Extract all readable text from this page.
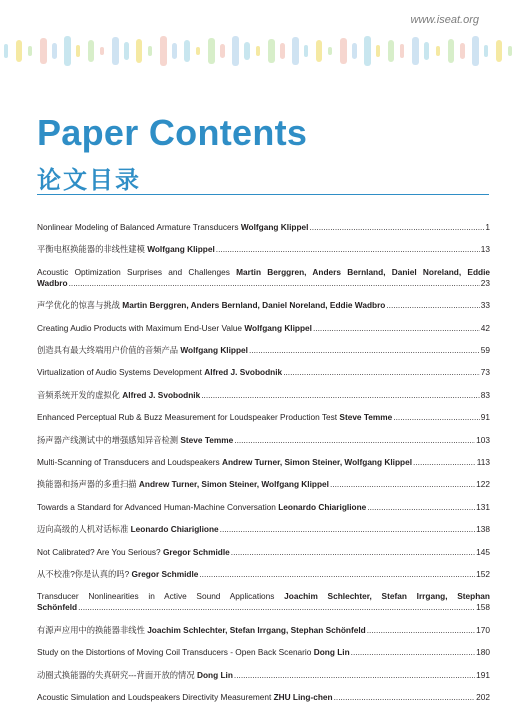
www.iseat.org
Paper Contents
论文目录
Nonlinear Modeling of Balanced Armature Transducers
Wolfgang Klippel .....	1
平衡电枢换能器的非线性建模
Wolfgang Klippel .....	13
Acoustic Optimization Surprises and Challenges Martin Berggren, Anders Bernland, Daniel Noreland, Eddie
Wadbro .....	23
声学优化的惊喜与挑战
Martin Berggren, Anders Bernland, Daniel Noreland, Eddie Wadbro .....	33
Creating Audio Products with Maximum End-User Value
Wolfgang Klippel .....	42
创造具有最大终端用户价值的音频产品
Wolfgang Klippel .....	59
Virtualization of Audio Systems Development
Alfred J. Svobodnik .....	73
音频系统开发的虚拟化
Alfred J. Svobodnik .....	83
Enhanced Perceptual Rub & Buzz Measurement for Loudspeaker Production Test
Steve Temme .....	91
扬声器产线测试中的增强感知异音检测
Steve Temme .....	103
Multi-Scanning of Transducers and Loudspeakers
Andrew Turner, Simon Steiner, Wolfgang Klippel .....	113
换能器和扬声器的多重扫描
Andrew Turner, Simon Steiner, Wolfgang Klippel .....	122
Towards a Standard for Advanced Human-Machine Conversation
Leonardo Chiariglione .....	131
迈向高级的人机对话标准
Leonardo Chiariglione .....	138
Not Calibrated? Are You Serious?
Gregor Schmidle .....	145
从不校准?你是认真的吗?
Gregor Schmidle .....	152
Transducer Nonlinearities in Active Sound Applications Joachim Schlechter, Stefan Irrgang, Stephan
Schönfeld .....	158
有源声应用中的换能器非线性
Joachim Schlechter, Stefan Irrgang, Stephan Schönfeld .....	170
Study on the Distortions of Moving Coil Transducers - Open Back Scenario
Dong Lin .....	180
动圈式换能器的失真研究---背面开放的情况
Dong Lin .....	191
Acoustic Simulation and Loudspeakers Directivity Measurement
ZHU Ling-chen .....	202
